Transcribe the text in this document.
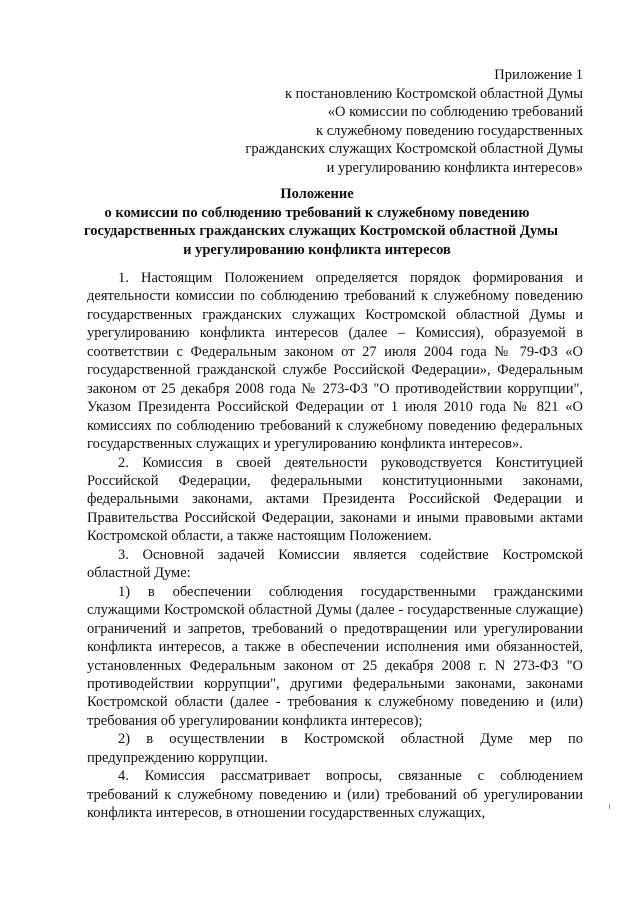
Приложение 1
к постановлению Костромской областной Думы
«О комиссии по соблюдению требований
к служебному поведению государственных
гражданских служащих Костромской областной Думы
и урегулированию конфликта интересов»
Положение
о комиссии по соблюдению требований к служебному поведению
государственных гражданских служащих Костромской областной Думы
и урегулированию конфликта интересов

1. Настоящим Положением определяется порядок формирования и деятельности комиссии по соблюдению требований к служебному поведению государственных гражданских служащих Костромской областной Думы и урегулированию конфликта интересов (далее – Комиссия), образуемой в соответствии с Федеральным законом от 27 июля 2004 года № 79-ФЗ «О государственной гражданской службе Российской Федерации», Федеральным законом от 25 декабря 2008 года № 273-ФЗ "О противодействии коррупции", Указом Президента Российской Федерации от 1 июля 2010 года № 821 «О комиссиях по соблюдению требований к служебному поведению федеральных государственных служащих и урегулированию конфликта интересов».

2. Комиссия в своей деятельности руководствуется Конституцией Российской Федерации, федеральными конституционными законами, федеральными законами, актами Президента Российской Федерации и Правительства Российской Федерации, законами и иными правовыми актами Костромской области, а также настоящим Положением.

3. Основной задачей Комиссии является содействие Костромской областной Думе:

1) в обеспечении соблюдения государственными гражданскими служащими Костромской областной Думы (далее - государственные служащие) ограничений и запретов, требований о предотвращении или урегулировании конфликта интересов, а также в обеспечении исполнения ими обязанностей, установленных Федеральным законом от 25 декабря 2008 г. N 273-ФЗ "О противодействии коррупции", другими федеральными законами, законами Костромской области (далее - требования к служебному поведению и (или) требования об урегулировании конфликта интересов);

2) в осуществлении в Костромской областной Думе мер по предупреждению коррупции.

4. Комиссия рассматривает вопросы, связанные с соблюдением требований к служебному поведению и (или) требований об урегулировании конфликта интересов, в отношении государственных служащих,
